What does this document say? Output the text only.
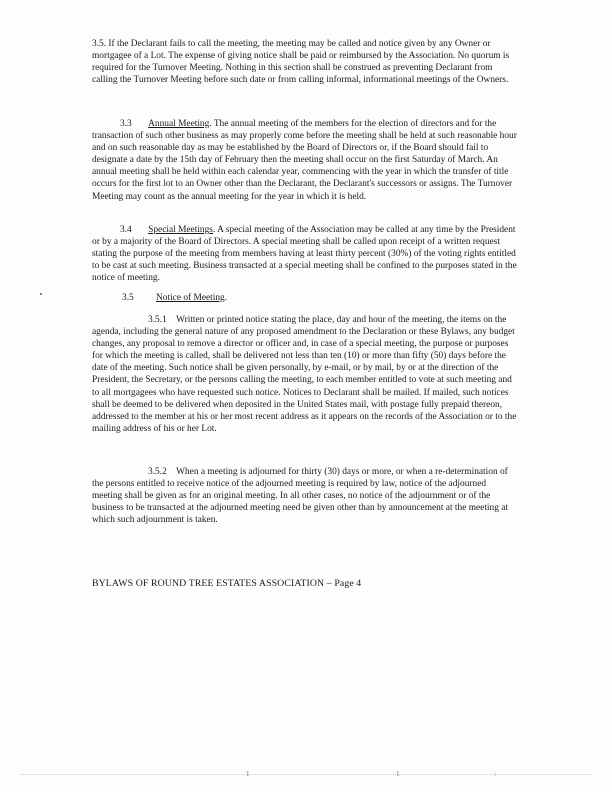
3.5. If the Declarant fails to call the meeting, the meeting may be called and notice given by any Owner or mortgagee of a Lot. The expense of giving notice shall be paid or reimbursed by the Association. No quorum is required for the Turnover Meeting. Nothing in this section shall be construed as preventing Declarant from calling the Turnover Meeting before such date or from calling informal, informational meetings of the Owners.

3.3 Annual Meeting. The annual meeting of the members for the election of directors and for the transaction of such other business as may properly come before the meeting shall be held at such reasonable hour and on such reasonable day as may be established by the Board of Directors or, if the Board should fail to designate a date by the 15th day of February then the meeting shall occur on the first Saturday of March. An annual meeting shall be held within each calendar year, commencing with the year in which the transfer of title occurs for the first lot to an Owner other than the Declarant, the Declarant's successors or assigns. The Turnover Meeting may count as the annual meeting for the year in which it is held.

3.4 Special Meetings. A special meeting of the Association may be called at any time by the President or by a majority of the Board of Directors. A special meeting shall be called upon receipt of a written request stating the purpose of the meeting from members having at least thirty percent (30%) of the voting rights entitled to be cast at such meeting. Business transacted at a special meeting shall be confined to the purposes stated in the notice of meeting.

3.5 Notice of Meeting.

3.5.1 Written or printed notice stating the place, day and hour of the meeting, the items on the agenda, including the general nature of any proposed amendment to the Declaration or these Bylaws, any budget changes, any proposal to remove a director or officer and, in case of a special meeting, the purpose or purposes for which the meeting is called, shall be delivered not less than ten (10) or more than fifty (50) days before the date of the meeting. Such notice shall be given personally, by e-mail, or by mail, by or at the direction of the President, the Secretary, or the persons calling the meeting, to each member entitled to vote at such meeting and to all mortgagees who have requested such notice. Notices to Declarant shall be mailed. If mailed, such notices shall be deemed to be delivered when deposited in the United States mail, with postage fully prepaid thereon, addressed to the member at his or her most recent address as it appears on the records of the Association or to the mailing address of his or her Lot.

3.5.2 When a meeting is adjourned for thirty (30) days or more, or when a re-determination of the persons entitled to receive notice of the adjourned meeting is required by law, notice of the adjourned meeting shall be given as for an original meeting. In all other cases, no notice of the adjournment or of the business to be transacted at the adjourned meeting need be given other than by announcement at the meeting at which such adjournment is taken.

BYLAWS OF ROUND TREE ESTATES ASSOCIATION – Page 4
1	1	:
